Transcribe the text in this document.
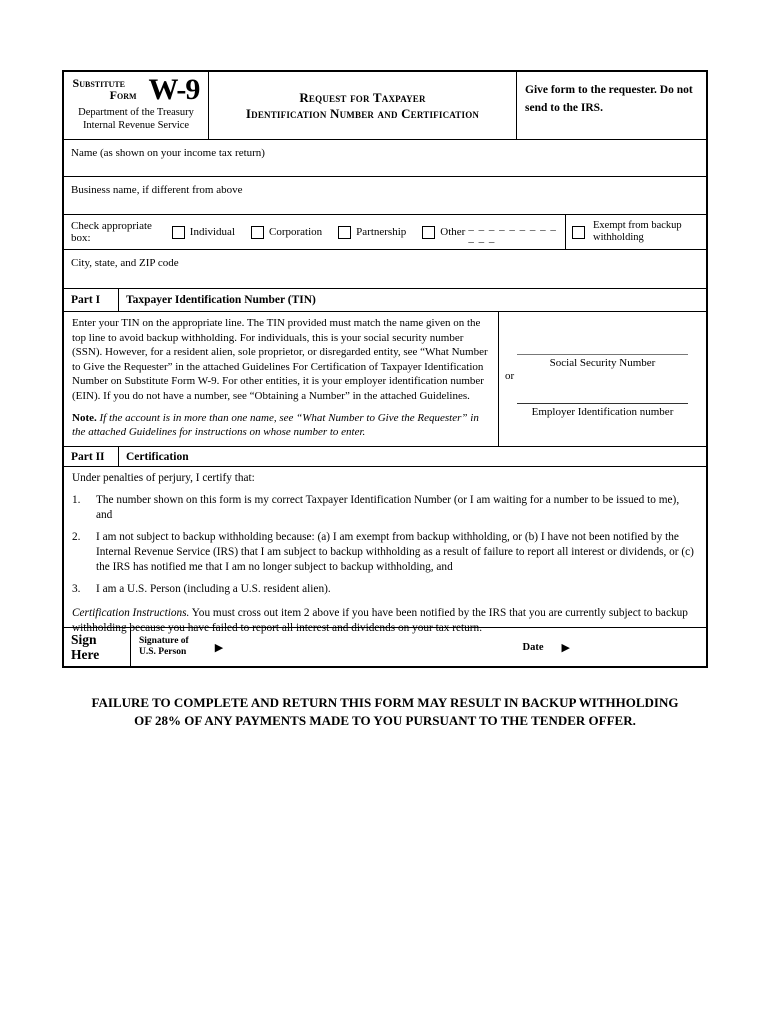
Substitute
Form W-9
Department of the Treasury
Internal Revenue Service
Request for Taxpayer
Identification Number and Certification
Give form to the requester. Do not send to the IRS.
Name (as shown on your income tax return)
Business name, if different from above
Check appropriate box:	Individual	Corporation	Partnership	Other _ _ _ _ _ _ _ _ _ _ _ _
Exempt from backup withholding
City, state, and ZIP code
Part I	Taxpayer Identification Number (TIN)
Enter your TIN on the appropriate line. The TIN provided must match the name given on the top line to avoid backup withholding. For individuals, this is your social security number (SSN). However, for a resident alien, sole proprietor, or disregarded entity, see “What Number to Give the Requester” in the attached Guidelines For Certification of Taxpayer Identification Number on Substitute Form W-9. For other entities, it is your employer identification number (EIN). If you do not have a number, see “Obtaining a Number” in the attached Guidelines.
Note. If the account is in more than one name, see “What Number to Give the Requester” in the attached Guidelines for instructions on whose number to enter.
Social Security Number
or
Employer Identification number
Part II	Certification
Under penalties of perjury, I certify that:
1.	The number shown on this form is my correct Taxpayer Identification Number (or I am waiting for a number to be issued to me), and
2.	I am not subject to backup withholding because: (a) I am exempt from backup withholding, or (b) I have not been notified by the Internal Revenue Service (IRS) that I am subject to backup withholding as a result of failure to report all interest or dividends, or (c) the IRS has notified me that I am no longer subject to backup withholding, and
3.	I am a U.S. Person (including a U.S. resident alien).
Certification Instructions. You must cross out item 2 above if you have been notified by the IRS that you are currently subject to backup withholding because you have failed to report all interest and dividends on your tax return.
Sign
Here
Signature of
U.S. Person	▶	Date ▶
FAILURE TO COMPLETE AND RETURN THIS FORM MAY RESULT IN BACKUP WITHHOLDING
OF 28% OF ANY PAYMENTS MADE TO YOU PURSUANT TO THE TENDER OFFER.
